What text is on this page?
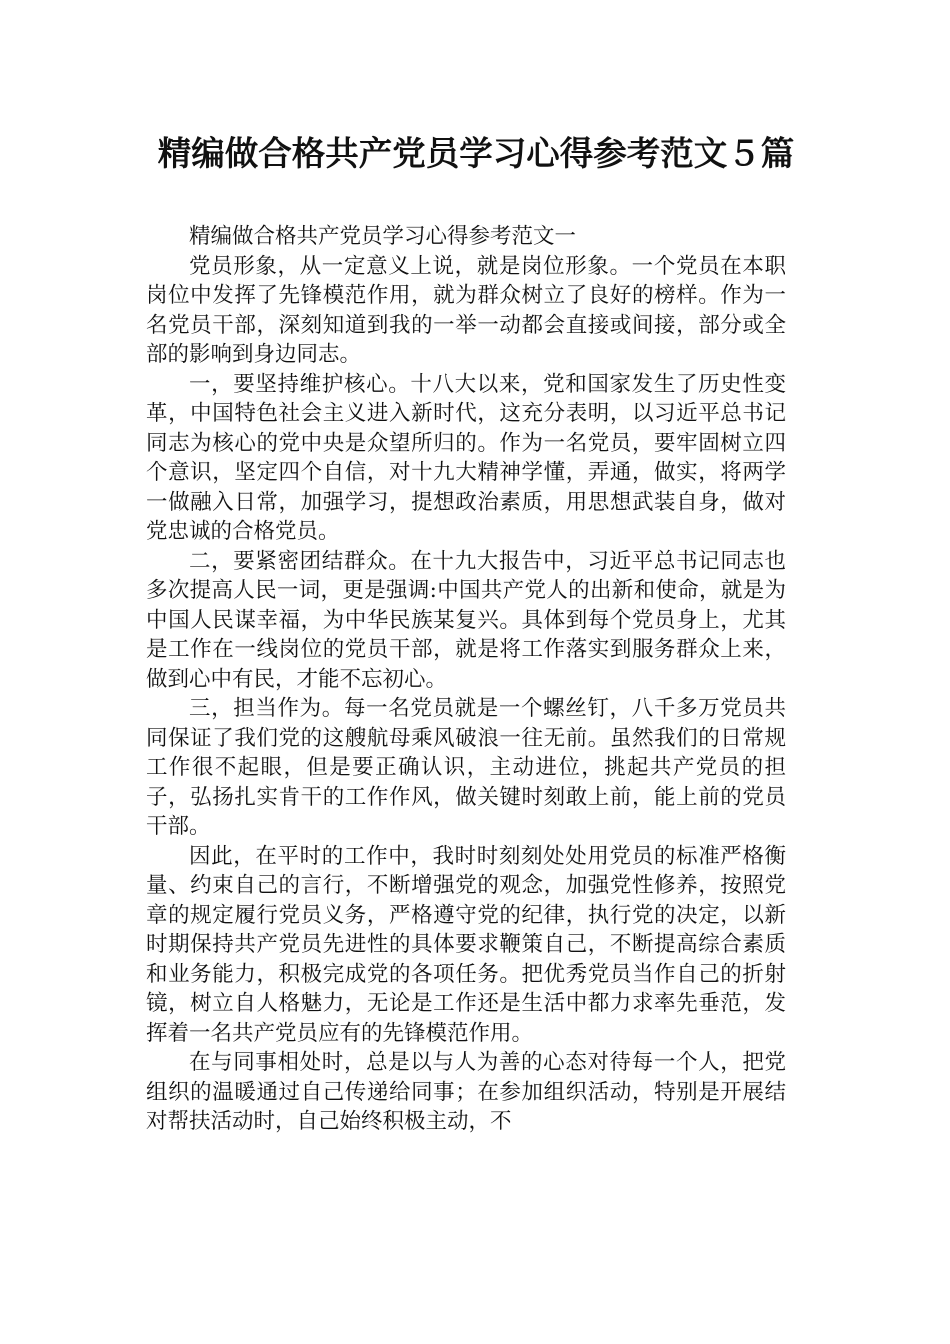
精编做合格共产党员学习心得参考范文５篇

精编做合格共产党员学习心得参考范文一

党员形象，从一定意义上说，就是岗位形象。一个党员在本职岗位中发挥了先锋模范作用，就为群众树立了良好的榜样。作为一名党员干部，深刻知道到我的一举一动都会直接或间接，部分或全部的影响到身边同志。

一，要坚持维护核心。十八大以来，党和国家发生了历史性变革，中国特色社会主义进入新时代，这充分表明，以习近平总书记同志为核心的党中央是众望所归的。作为一名党员，要牢固树立四个意识，坚定四个自信，对十九大精神学懂，弄通，做实，将两学一做融入日常，加强学习，提想政治素质，用思想武装自身，做对党忠诚的合格党员。

二，要紧密团结群众。在十九大报告中，习近平总书记同志也多次提高人民一词，更是强调:中国共产党人的出新和使命，就是为中国人民谋幸福，为中华民族某复兴。具体到每个党员身上，尤其是工作在一线岗位的党员干部，就是将工作落实到服务群众上来，做到心中有民，才能不忘初心。

三，担当作为。每一名党员就是一个螺丝钉，八千多万党员共同保证了我们党的这艘航母乘风破浪一往无前。虽然我们的日常规工作很不起眼，但是要正确认识，主动进位，挑起共产党员的担子，弘扬扎实肯干的工作作风，做关键时刻敢上前，能上前的党员干部。

因此，在平时的工作中，我时时刻刻处处用党员的标准严格衡量、约束自己的言行，不断增强党的观念，加强党性修养，按照党章的规定履行党员义务，严格遵守党的纪律，执行党的决定，以新时期保持共产党员先进性的具体要求鞭策自己，不断提高综合素质和业务能力，积极完成党的各项任务。把优秀党员当作自己的折射镜，树立自人格魅力，无论是工作还是生活中都力求率先垂范，发挥着一名共产党员应有的先锋模范作用。

在与同事相处时，总是以与人为善的心态对待每一个人，把党组织的温暖通过自己传递给同事；在参加组织活动，特别是开展结对帮扶活动时，自己始终积极主动，不
